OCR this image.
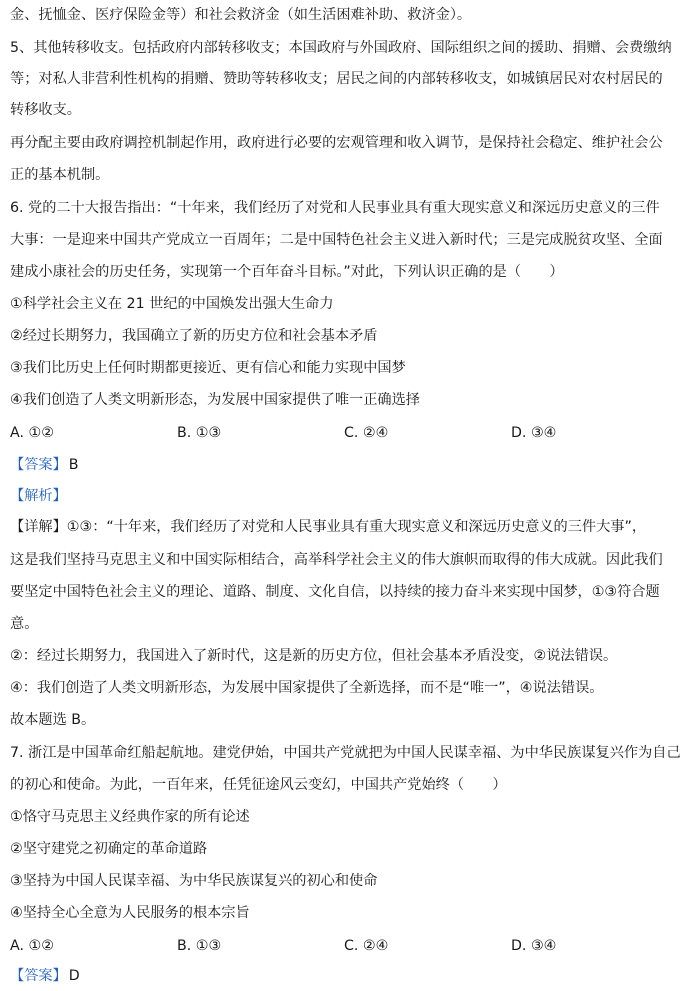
金、抚恤金、医疗保险金等）和社会救济金（如生活困难补助、救济金）。
5、其他转移收支。包括政府内部转移收支；本国政府与外国政府、国际组织之间的援助、捐赠、会费缴纳
等；对私人非营利性机构的捐赠、赞助等转移收支；居民之间的内部转移收支，如城镇居民对农村居民的
转移收支。
再分配主要由政府调控机制起作用，政府进行必要的宏观管理和收入调节，是保持社会稳定、维护社会公
正的基本机制。
6. 党的二十大报告指出：“十年来，我们经历了对党和人民事业具有重大现实意义和深远历史意义的三件
大事：一是迎来中国共产党成立一百周年；二是中国特色社会主义进入新时代；三是完成脱贫攻坚、全面
建成小康社会的历史任务，实现第一个百年奋斗目标。”对此，下列认识正确的是（　　）
①科学社会主义在 21 世纪的中国焕发出强大生命力
②经过长期努力，我国确立了新的历史方位和社会基本矛盾
③我们比历史上任何时期都更接近、更有信心和能力实现中国梦
④我们创造了人类文明新形态，为发展中国家提供了唯一正确选择
A. ①②	B. ①③	C. ②④	D. ③④
【答案】 B
【解析】
【详解】①③：“十年来，我们经历了对党和人民事业具有重大现实意义和深远历史意义的三件大事”，
这是我们坚持马克思主义和中国实际相结合，高举科学社会主义的伟大旗帜而取得的伟大成就。因此我们
要坚定中国特色社会主义的理论、道路、制度、文化自信，以持续的接力奋斗来实现中国梦，①③符合题
意。
②：经过长期努力，我国进入了新时代，这是新的历史方位，但社会基本矛盾没变，②说法错误。
④：我们创造了人类文明新形态，为发展中国家提供了全新选择，而不是“唯一”，④说法错误。
故本题选 B。
7. 浙江是中国革命红船起航地。建党伊始，中国共产党就把为中国人民谋幸福、为中华民族谋复兴作为自己
的初心和使命。为此，一百年来，任凭征途风云变幻，中国共产党始终（　　）
①恪守马克思主义经典作家的所有论述
②坚守建党之初确定的革命道路
③坚持为中国人民谋幸福、为中华民族谋复兴的初心和使命
④坚持全心全意为人民服务的根本宗旨
A. ①②	B. ①③	C. ②④	D. ③④
【答案】 D
